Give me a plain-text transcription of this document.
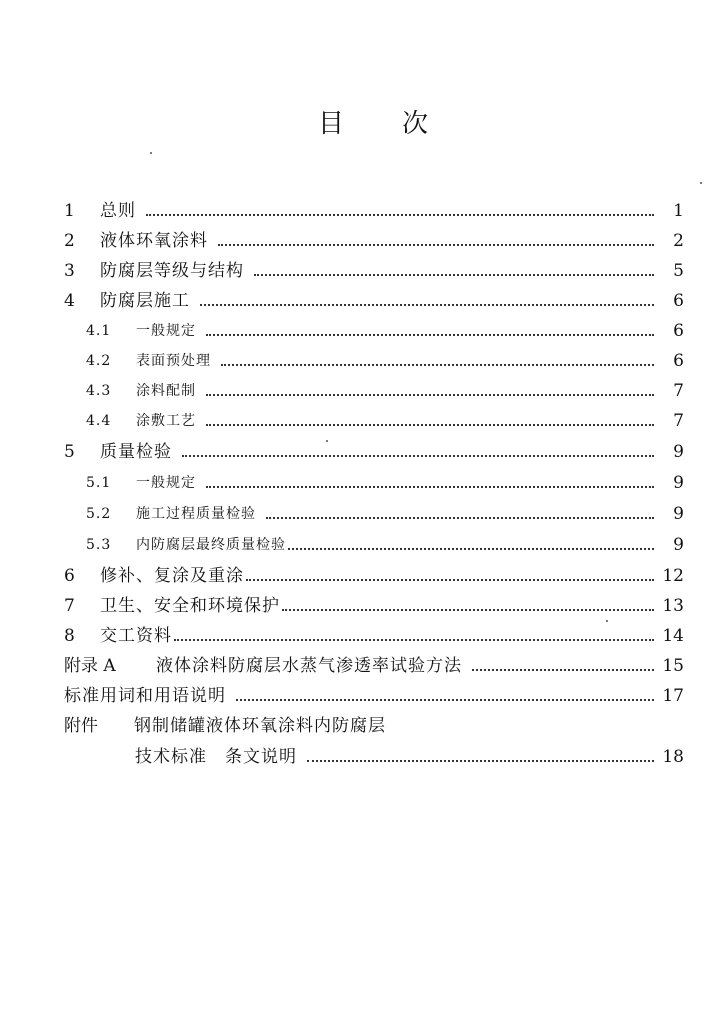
目 次
1	总则	1
2	液体环氧涂料	2
3	防腐层等级与结构	5
4	防腐层施工	6
4.1	一般规定	6
4.2	表面预处理	6
4.3	涂料配制	7
4.4	涂敷工艺	7
5	质量检验	9
5.1	一般规定	9
5.2	施工过程质量检验	9
5.3	内防腐层最终质量检验	9
6	修补、复涂及重涂	12
7	卫生、安全和环境保护	13
8	交工资料	14
附录 A	液体涂料防腐层水蒸气渗透率试验方法	15
标准用词和用语说明	17
附件	钢制储罐液体环氧涂料内防腐层
技术标准　条文说明	18
